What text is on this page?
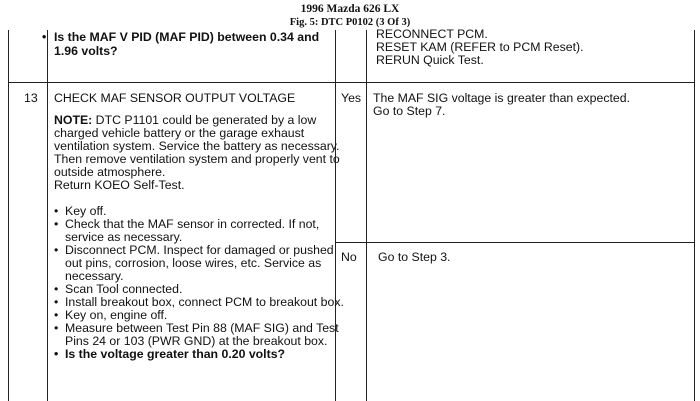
1996 Mazda 626 LX
Fig. 5: DTC P0102 (3 Of 3)
• Is the MAF V PID (MAF PID) between 0.34 and 1.96 volts?
RECONNECT PCM.
RESET KAM (REFER to PCM Reset).
RERUN Quick Test.
13 CHECK MAF SENSOR OUTPUT VOLTAGE
NOTE: DTC P1101 could be generated by a low charged vehicle battery or the garage exhaust ventilation system. Service the battery as necessary. Then remove ventilation system and properly vent to outside atmosphere.
Return KOEO Self-Test.
• Key off.
• Check that the MAF sensor in corrected. If not, service as necessary.
• Disconnect PCM. Inspect for damaged or pushed out pins, corrosion, loose wires, etc. Service as necessary.
• Scan Tool connected.
• Install breakout box, connect PCM to breakout box.
• Key on, engine off.
• Measure between Test Pin 88 (MAF SIG) and Test Pins 24 or 103 (PWR GND) at the breakout box.
• Is the voltage greater than 0.20 volts?
Yes The MAF SIG voltage is greater than expected.
Go to Step 7.
No Go to Step 3.
